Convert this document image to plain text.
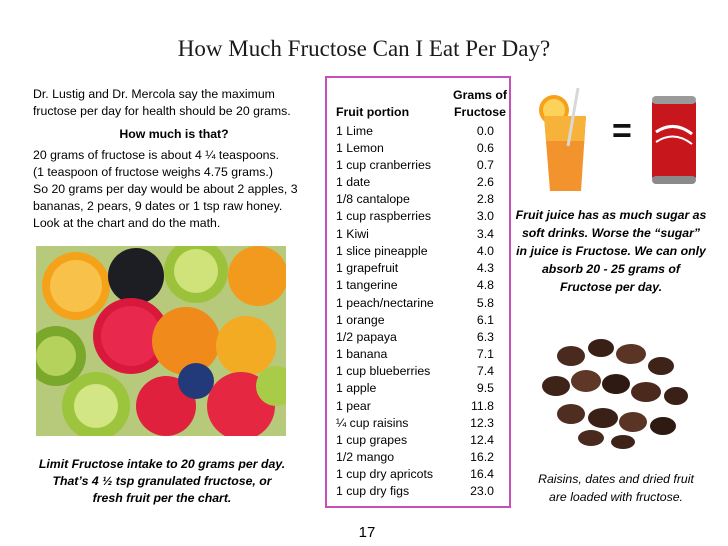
How Much Fructose Can I Eat Per Day?
Dr. Lustig and Dr. Mercola say the maximum
fructose per day for health should be 20 grams.
How much is that?
20 grams of fructose is about 4 ¼ teaspoons.
(1 teaspoon of fructose weighs 4.75 grams.)
So 20 grams per day would be about 2 apples, 3
bananas, 2 pears, 9 dates or 1 tsp raw honey.
Look at the chart and do the math.
Limit Fructose intake to 20 grams per day.
That’s 4 ½ tsp granulated fructose, or
fresh fruit per the chart.
Fruit portion
Grams of
Fructose
1 Lime	0.0
1 Lemon	0.6
1 cup cranberries	0.7
1 date	2.6
1/8 cantalope	2.8
1 cup raspberries	3.0
1 Kiwi	3.4
1 slice pineapple	4.0
1 grapefruit	4.3
1 tangerine	4.8
1 peach/nectarine	5.8
1 orange	6.1
1/2 papaya	6.3
1 banana	7.1
1 cup blueberries	7.4
1 apple	9.5
1 pear	11.8
¼ cup raisins	12.3
1 cup grapes	12.4
1/2 mango	16.2
1 cup dry apricots	16.4
1 cup dry figs	23.0
=
Fruit juice has as much sugar as
soft drinks. Worse the “sugar”
in juice is Fructose. We can only
absorb 20 - 25 grams of
Fructose per day.
Raisins, dates and dried fruit
are loaded with fructose.
17
